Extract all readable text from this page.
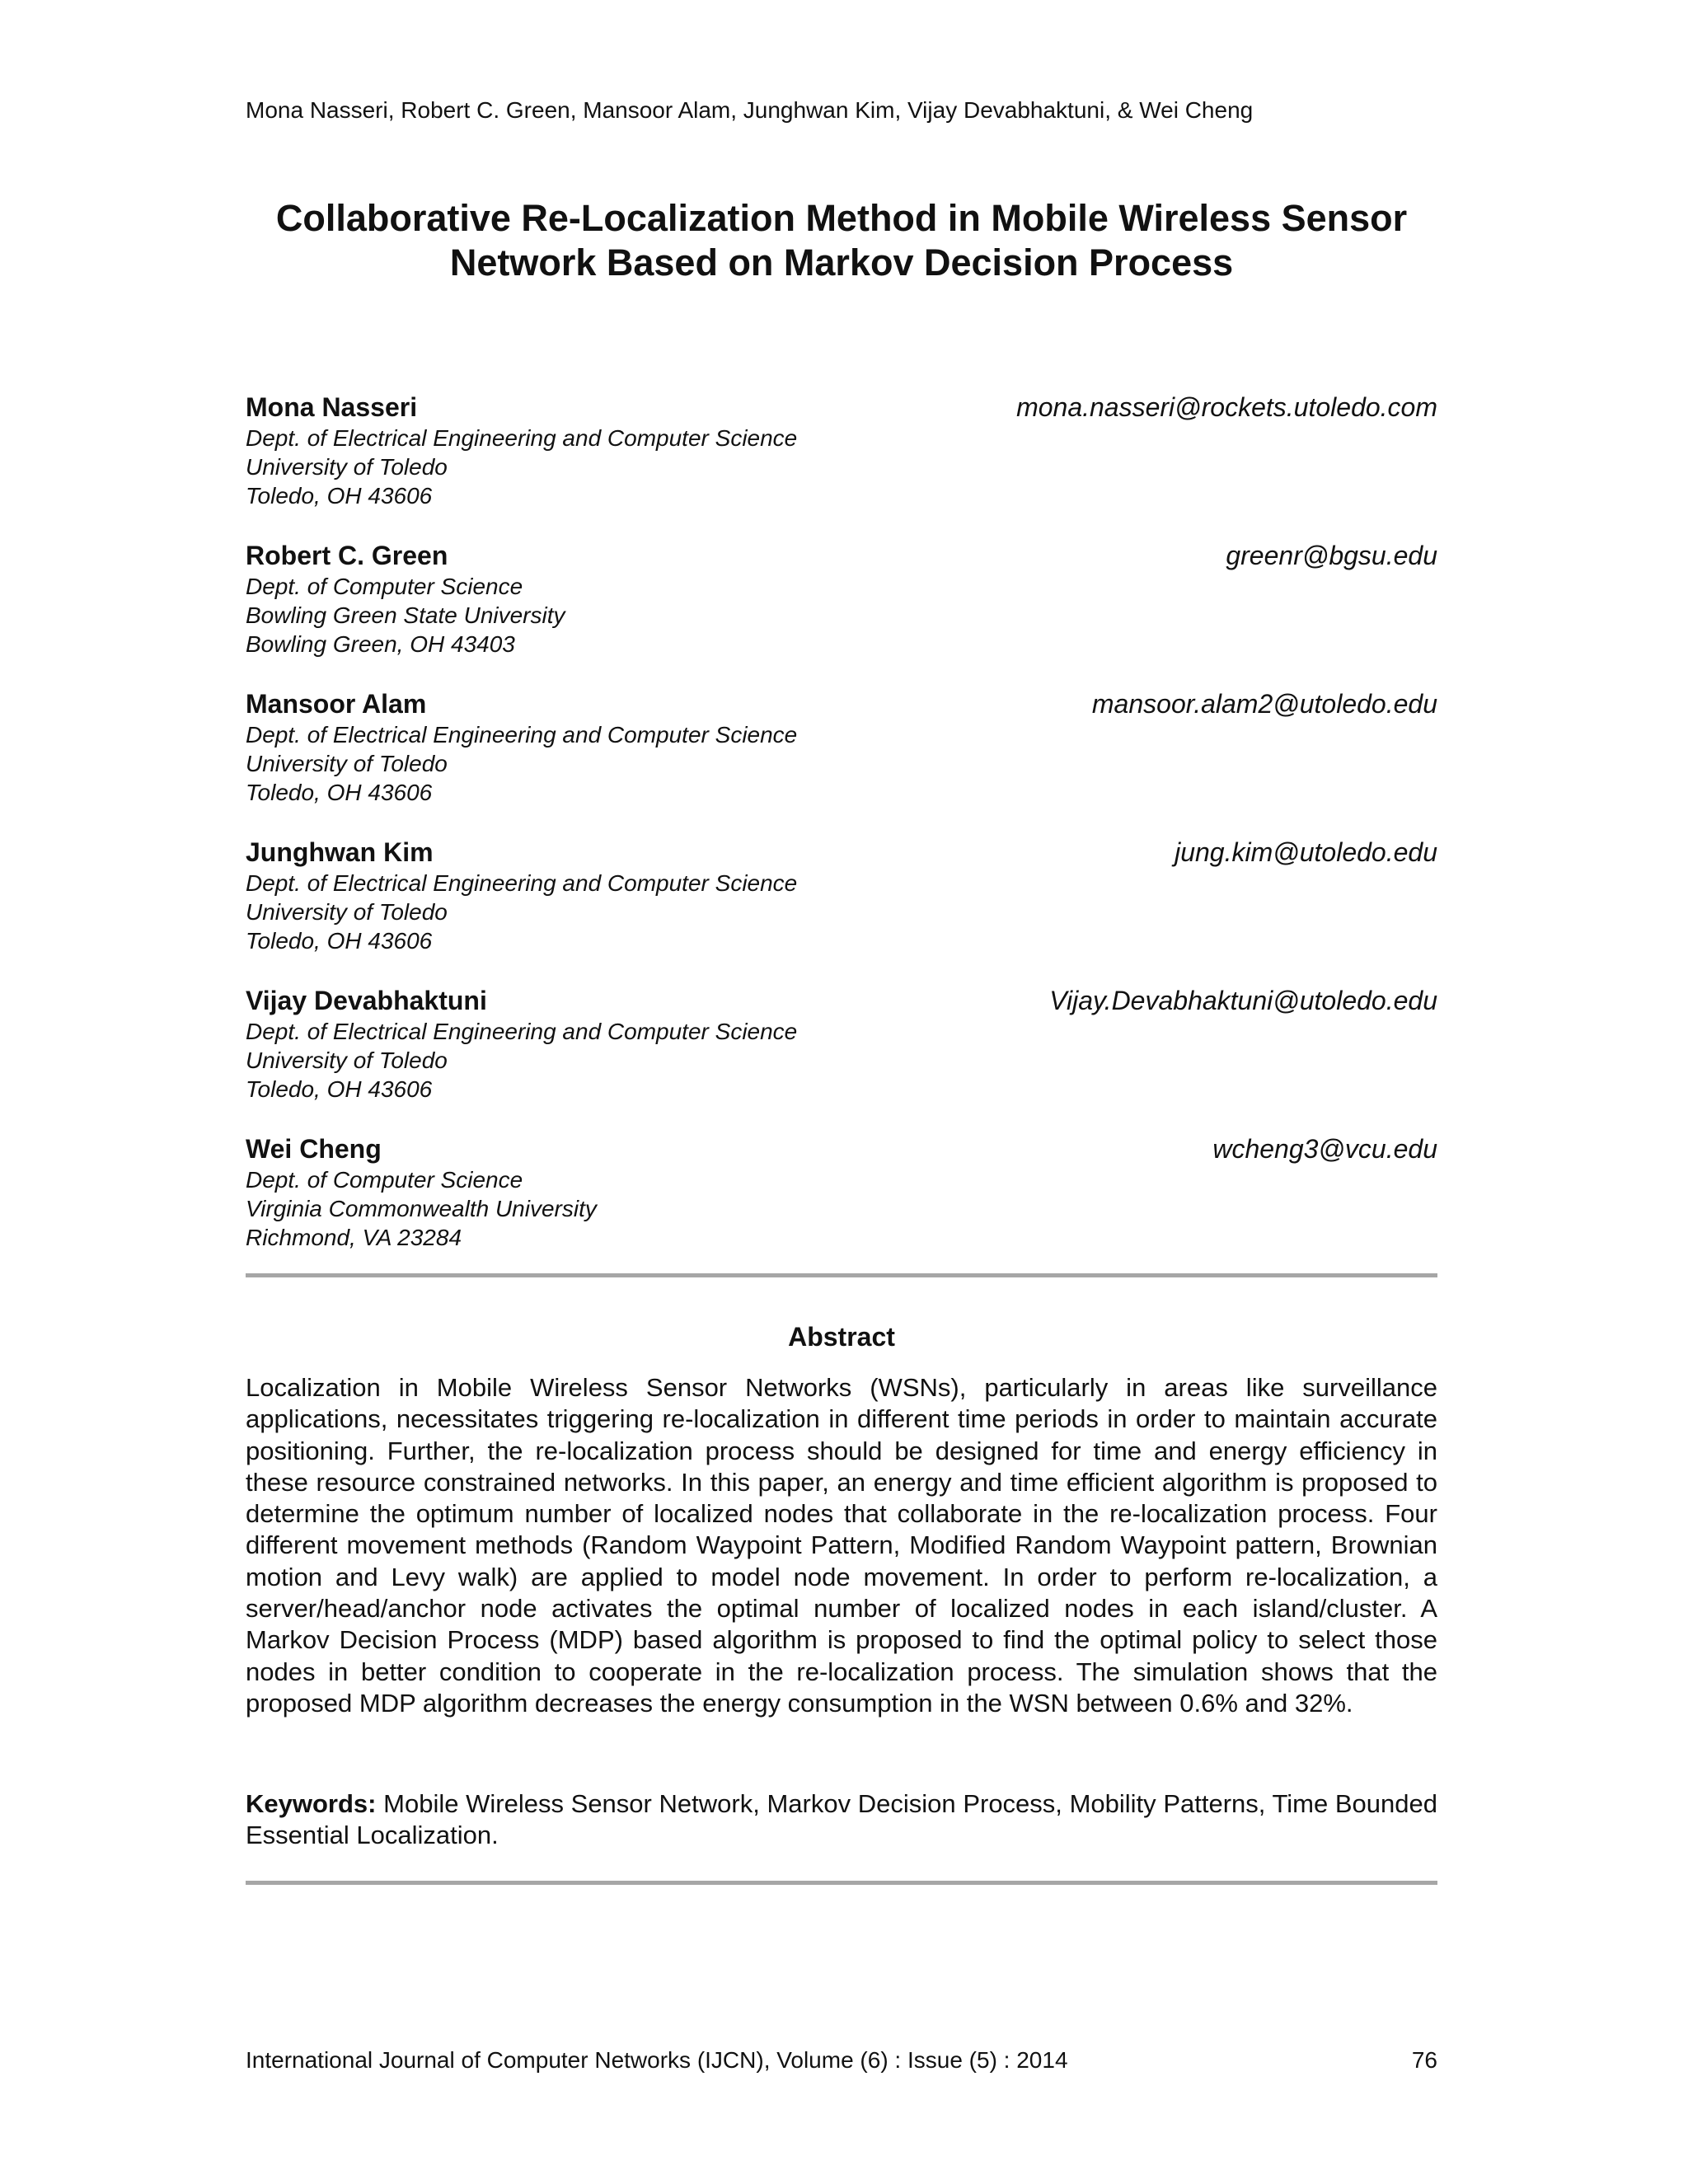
Mona Nasseri, Robert C. Green, Mansoor Alam, Junghwan Kim, Vijay Devabhaktuni, & Wei Cheng
Collaborative Re-Localization Method in Mobile Wireless Sensor
Network Based on Markov Decision Process
Mona Nasseri	mona.nasseri@rockets.utoledo.com
Dept. of Electrical Engineering and Computer Science
University of Toledo
Toledo, OH 43606
Robert C. Green	greenr@bgsu.edu
Dept. of Computer Science
Bowling Green State University
Bowling Green, OH 43403
Mansoor Alam	mansoor.alam2@utoledo.edu
Dept. of Electrical Engineering and Computer Science
University of Toledo
Toledo, OH 43606
Junghwan Kim	jung.kim@utoledo.edu
Dept. of Electrical Engineering and Computer Science
University of Toledo
Toledo, OH 43606
Vijay Devabhaktuni	Vijay.Devabhaktuni@utoledo.edu
Dept. of Electrical Engineering and Computer Science
University of Toledo
Toledo, OH 43606
Wei Cheng	wcheng3@vcu.edu
Dept. of Computer Science
Virginia Commonwealth University
Richmond, VA 23284
Abstract

Localization in Mobile Wireless Sensor Networks (WSNs), particularly in areas like surveillance applications, necessitates triggering re-localization in different time periods in order to maintain accurate positioning. Further, the re-localization process should be designed for time and energy efficiency in these resource constrained networks. In this paper, an energy and time efficient algorithm is proposed to determine the optimum number of localized nodes that collaborate in the re-localization process. Four different movement methods (Random Waypoint Pattern, Modified Random Waypoint pattern, Brownian motion and Levy walk) are applied to model node movement. In order to perform re-localization, a server/head/anchor node activates the optimal number of localized nodes in each island/cluster. A Markov Decision Process (MDP) based algorithm is proposed to find the optimal policy to select those nodes in better condition to cooperate in the re-localization process. The simulation shows that the proposed MDP algorithm decreases the energy consumption in the WSN between 0.6% and 32%.

Keywords: Mobile Wireless Sensor Network, Markov Decision Process, Mobility Patterns, Time Bounded Essential Localization.

International Journal of Computer Networks (IJCN), Volume (6) : Issue (5) : 2014	76
